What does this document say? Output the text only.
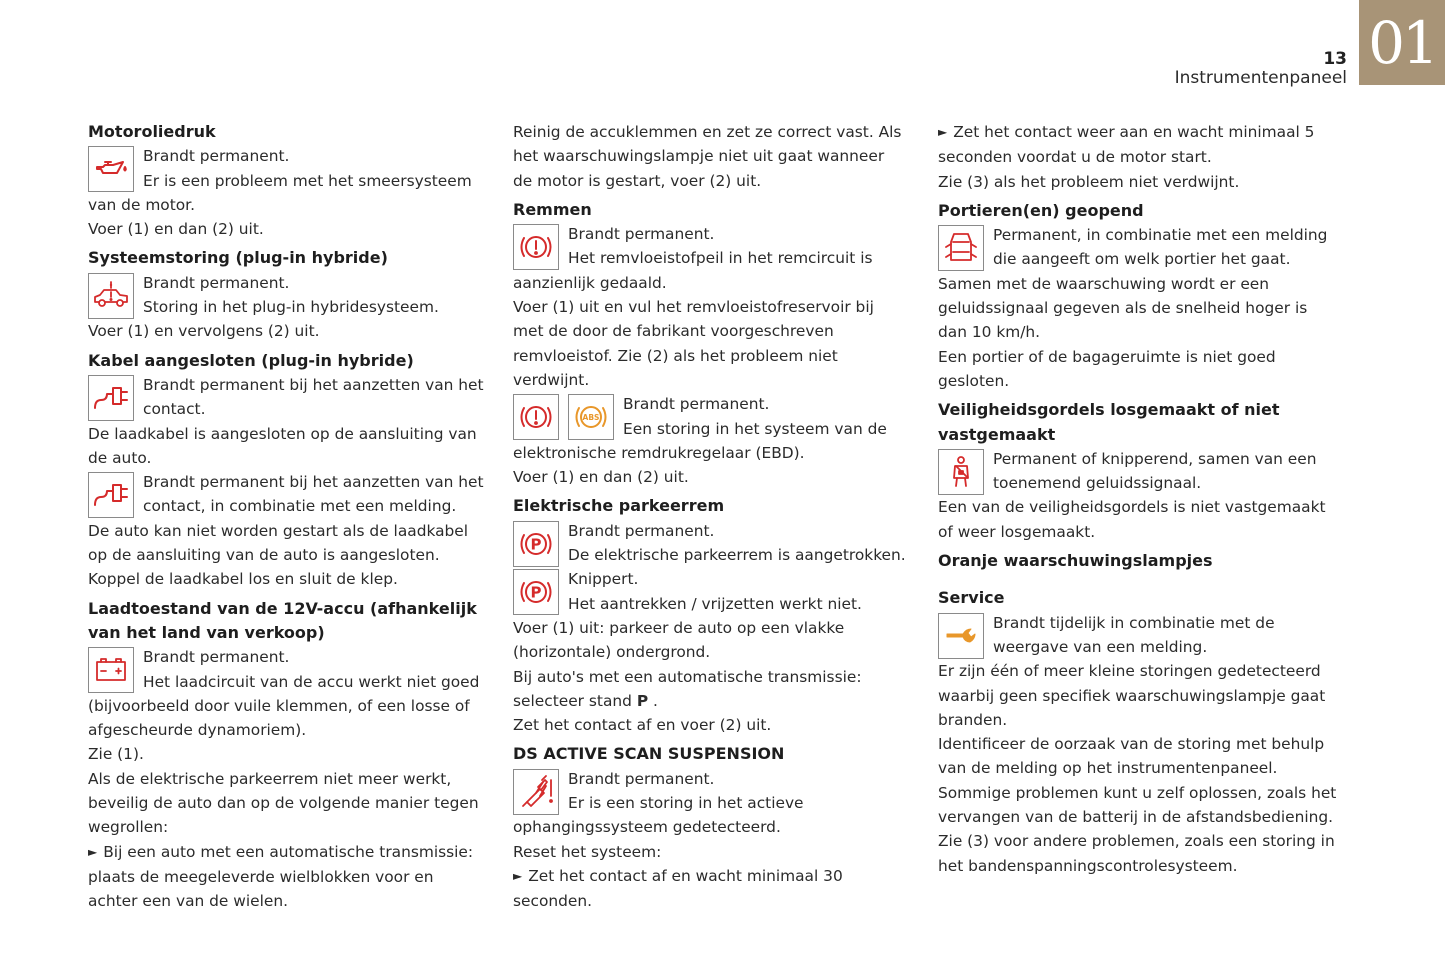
01
13
Instrumentenpaneel
Motoroliedruk

Brandt permanent.

Er is een probleem met het smeersysteem van de motor.

Voer (1) en dan (2) uit.

Systeemstoring (plug-in hybride)

Brandt permanent.

Storing in het plug-in hybridesysteem.

Voer (1) en vervolgens (2) uit.

Kabel aangesloten (plug-in hybride)

Brandt permanent bij het aanzetten van het contact.

De laadkabel is aangesloten op de aansluiting van de auto.

Brandt permanent bij het aanzetten van het contact, in combinatie met een melding.

De auto kan niet worden gestart als de laadkabel op de aansluiting van de auto is aangesloten.

Koppel de laadkabel los en sluit de klep.

Laadtoestand van de 12V-accu (afhankelijk van het land van verkoop)

Brandt permanent.

Het laadcircuit van de accu werkt niet goed (bijvoorbeeld door vuile klemmen, of een losse of afgescheurde dynamoriem).

Zie (1).

Als de elektrische parkeerrem niet meer werkt, beveilig de auto dan op de volgende manier tegen wegrollen:

► Bij een auto met een automatische transmissie: plaats de meegeleverde wielblokken voor en achter een van de wielen.

Reinig de accuklemmen en zet ze correct vast. Als het waarschuwingslampje niet uit gaat wanneer de motor is gestart, voer (2) uit.

Remmen

Brandt permanent.

Het remvloeistofpeil in het remcircuit is aanzienlijk gedaald.

Voer (1) uit en vul het remvloeistofreservoir bij met de door de fabrikant voorgeschreven remvloeistof. Zie (2) als het probleem niet verdwijnt.

ABS

Brandt permanent.

Een storing in het systeem van de elektronische remdrukregelaar (EBD).

Voer (1) en dan (2) uit.

Elektrische parkeerrem
P

Brandt permanent.

De elektrische parkeerrem is aangetrokken.

P

Knippert.

Het aantrekken / vrijzetten werkt niet.

Voer (1) uit: parkeer de auto op een vlakke (horizontale) ondergrond.

Bij auto's met een automatische transmissie: selecteer stand P .

Zet het contact af en voer (2) uit.

DS ACTIVE SCAN SUSPENSION

Brandt permanent.

Er is een storing in het actieve ophangingssysteem gedetecteerd.

Reset het systeem:

► Zet het contact af en wacht minimaal 30 seconden.

► Zet het contact weer aan en wacht minimaal 5 seconden voordat u de motor start.

Zie (3) als het probleem niet verdwijnt.

Portieren(en) geopend

Permanent, in combinatie met een melding die aangeeft om welk portier het gaat.

Samen met de waarschuwing wordt er een geluidssignaal gegeven als de snelheid hoger is dan 10 km/h.

Een portier of de bagageruimte is niet goed gesloten.

Veiligheidsgordels losgemaakt of niet vastgemaakt

Permanent of knipperend, samen van een toenemend geluidssignaal.

Een van de veiligheidsgordels is niet vastgemaakt of weer losgemaakt.

Oranje waarschuwingslampjes
Service

Brandt tijdelijk in combinatie met de weergave van een melding.

Er zijn één of meer kleine storingen gedetecteerd waarbij geen specifiek waarschuwingslampje gaat branden.

Identificeer de oorzaak van de storing met behulp van de melding op het instrumentenpaneel.

Sommige problemen kunt u zelf oplossen, zoals het vervangen van de batterij in de afstandsbediening.

Zie (3) voor andere problemen, zoals een storing in het bandenspanningscontrolesysteem.
